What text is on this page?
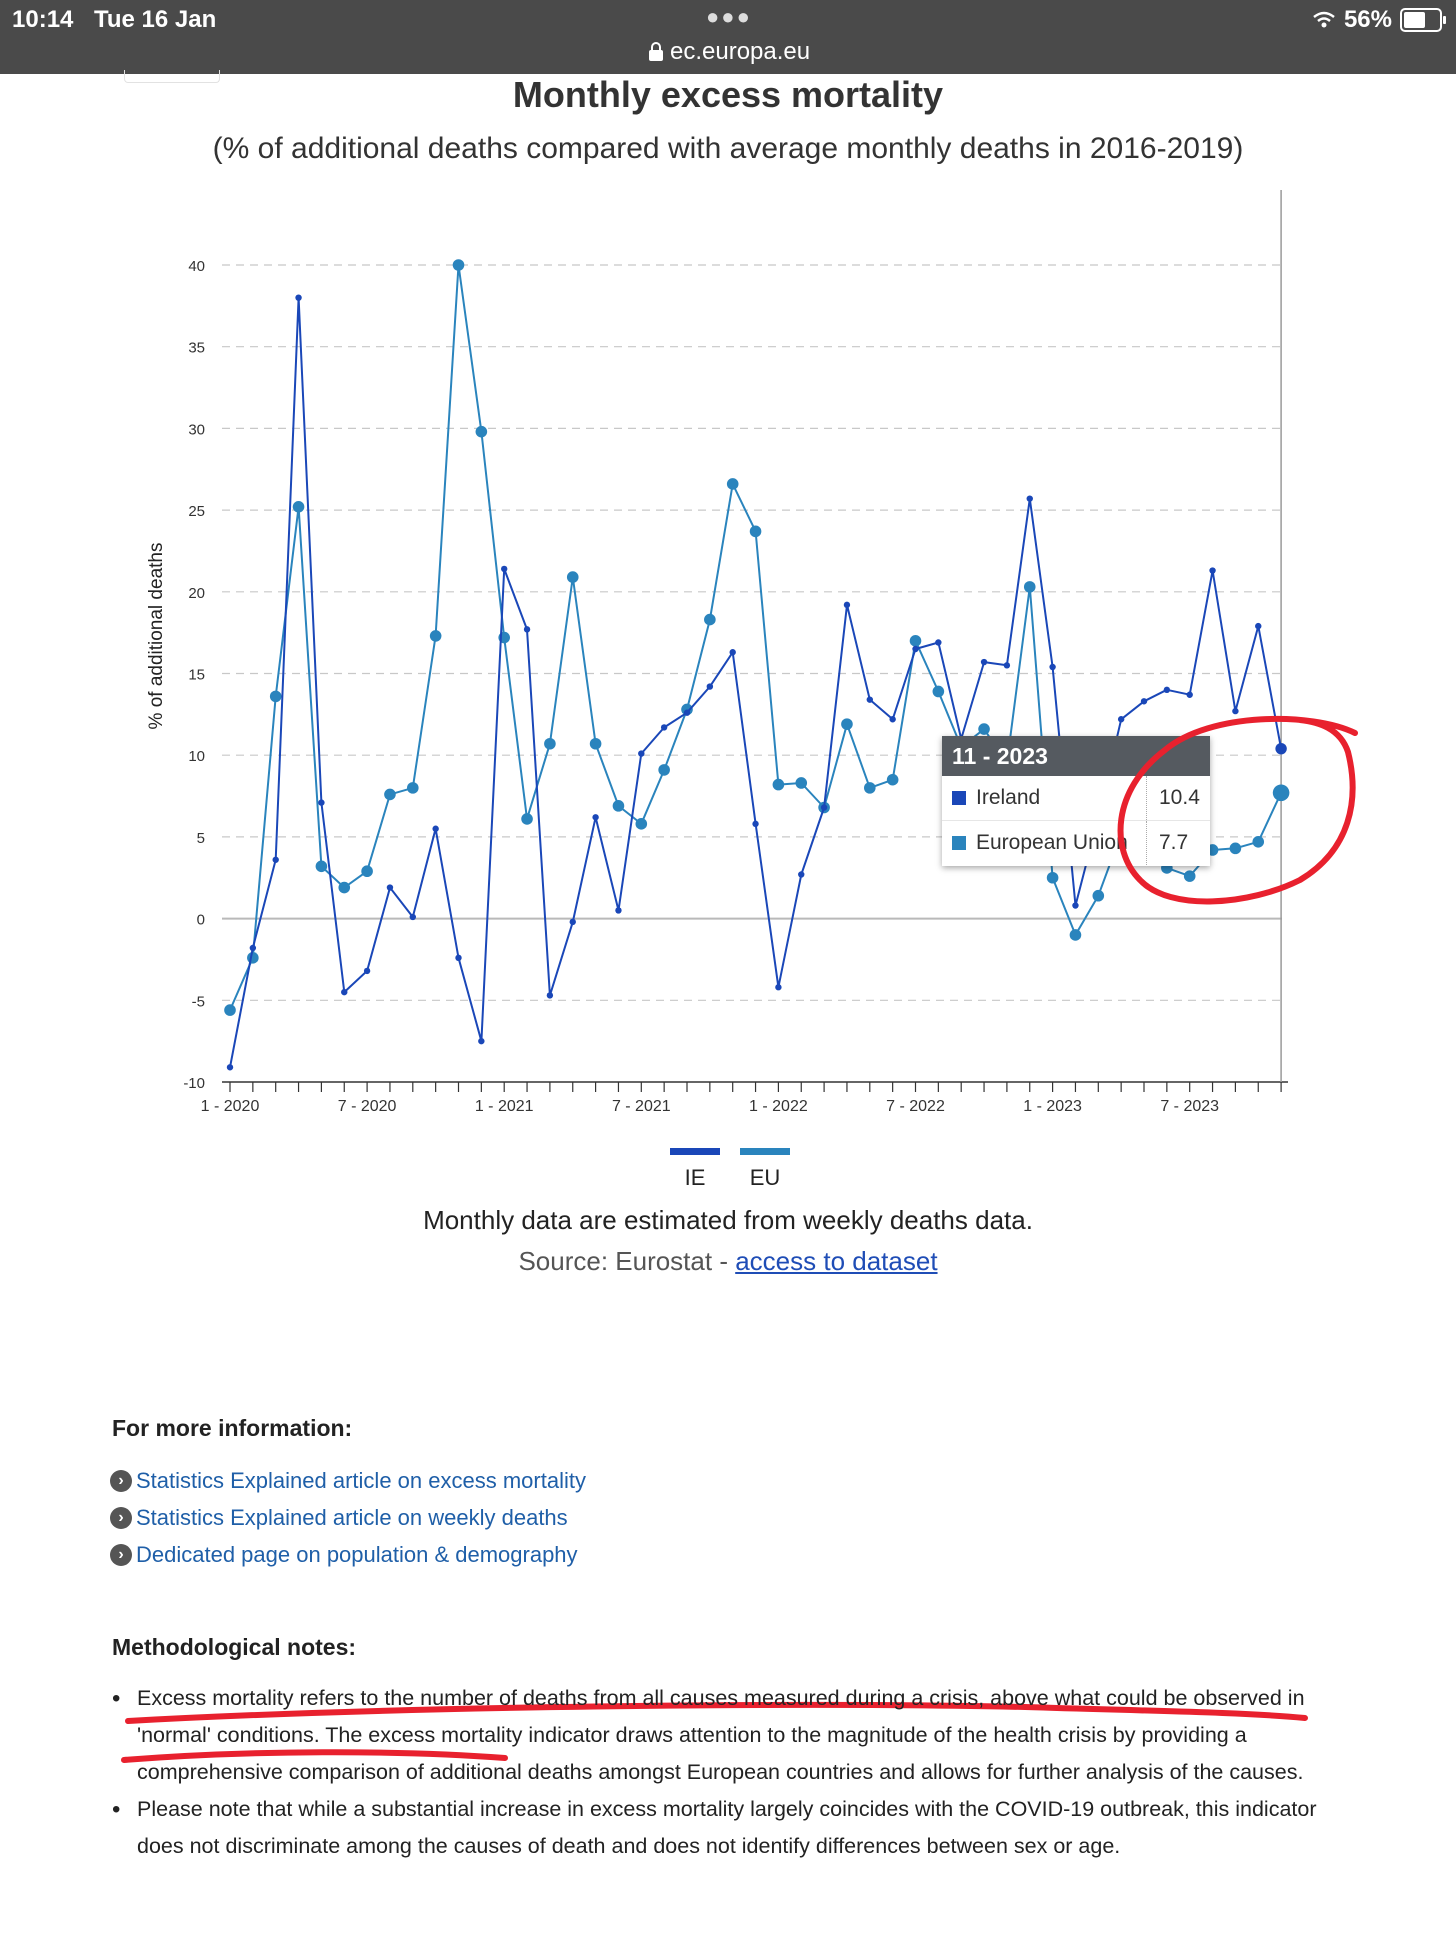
10:14 Tue 16 Jan	●●●
ec.europa.eu
56%
Monthly excess mortality
(% of additional deaths compared with average monthly deaths in 2016-2019)
40
35
30
25
20
15
10
5
0
-5
-10
% of additional deaths
1 - 2020	7 - 2020	1 - 2021	7 - 2021	1 - 2022	7 - 2022	1 - 2023	7 - 2023
11 - 2023
Ireland	10.4
European Union	7.7
IE EU
Monthly data are estimated from weekly deaths data.
Source: Eurostat - access to dataset
For more information:
› Statistics Explained article on excess mortality
› Statistics Explained article on weekly deaths
› Dedicated page on population & demography
Methodological notes:
• Excess mortality refers to the number of deaths from all causes measured during a crisis, above what could be observed in 'normal' conditions. The excess mortality indicator draws attention to the magnitude of the health crisis by providing a comprehensive comparison of additional deaths amongst European countries and allows for further analysis of the causes.
• Please note that while a substantial increase in excess mortality largely coincides with the COVID-19 outbreak, this indicator does not discriminate among the causes of death and does not identify differences between sex or age.
